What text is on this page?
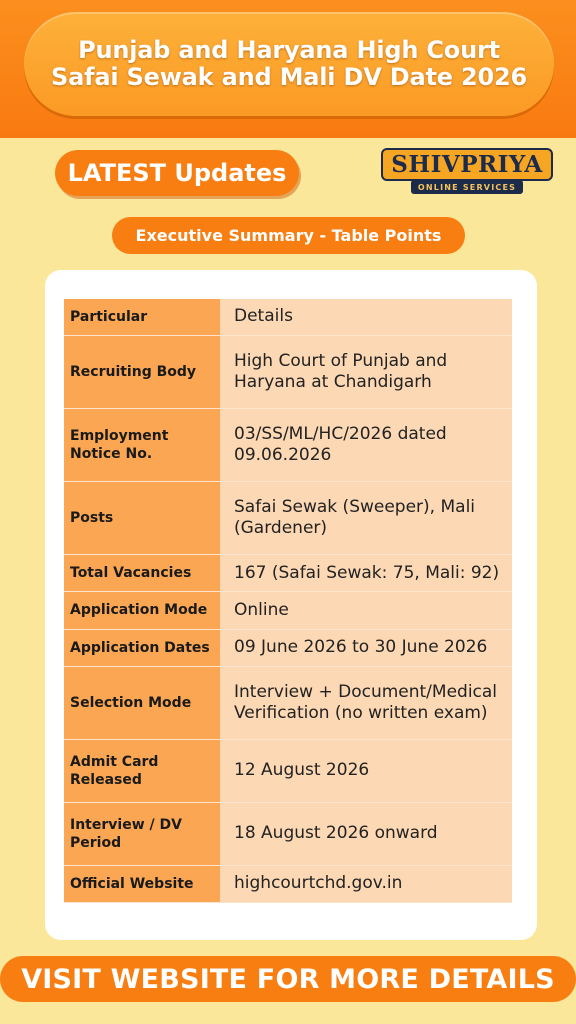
Punjab and Haryana High Court
Safai Sewak and Mali DV Date 2026
LATEST Updates	SHIVPRIYA
ONLINE SERVICES
Executive Summary - Table Points
Particular	Details
Recruiting Body	High Court of Punjab and Haryana at Chandigarh
Employment Notice No.	03/SS/ML/HC/2026 dated 09.06.2026
Posts	Safai Sewak (Sweeper), Mali (Gardener)
Total Vacancies	167 (Safai Sewak: 75, Mali: 92)
Application Mode	Online
Application Dates	09 June 2026 to 30 June 2026
Selection Mode	Interview + Document/Medical Verification (no written exam)
Admit Card Released	12 August 2026
Interview / DV Period	18 August 2026 onward
Official Website	highcourtchd.gov.in
VISIT WEBSITE FOR MORE DETAILS
